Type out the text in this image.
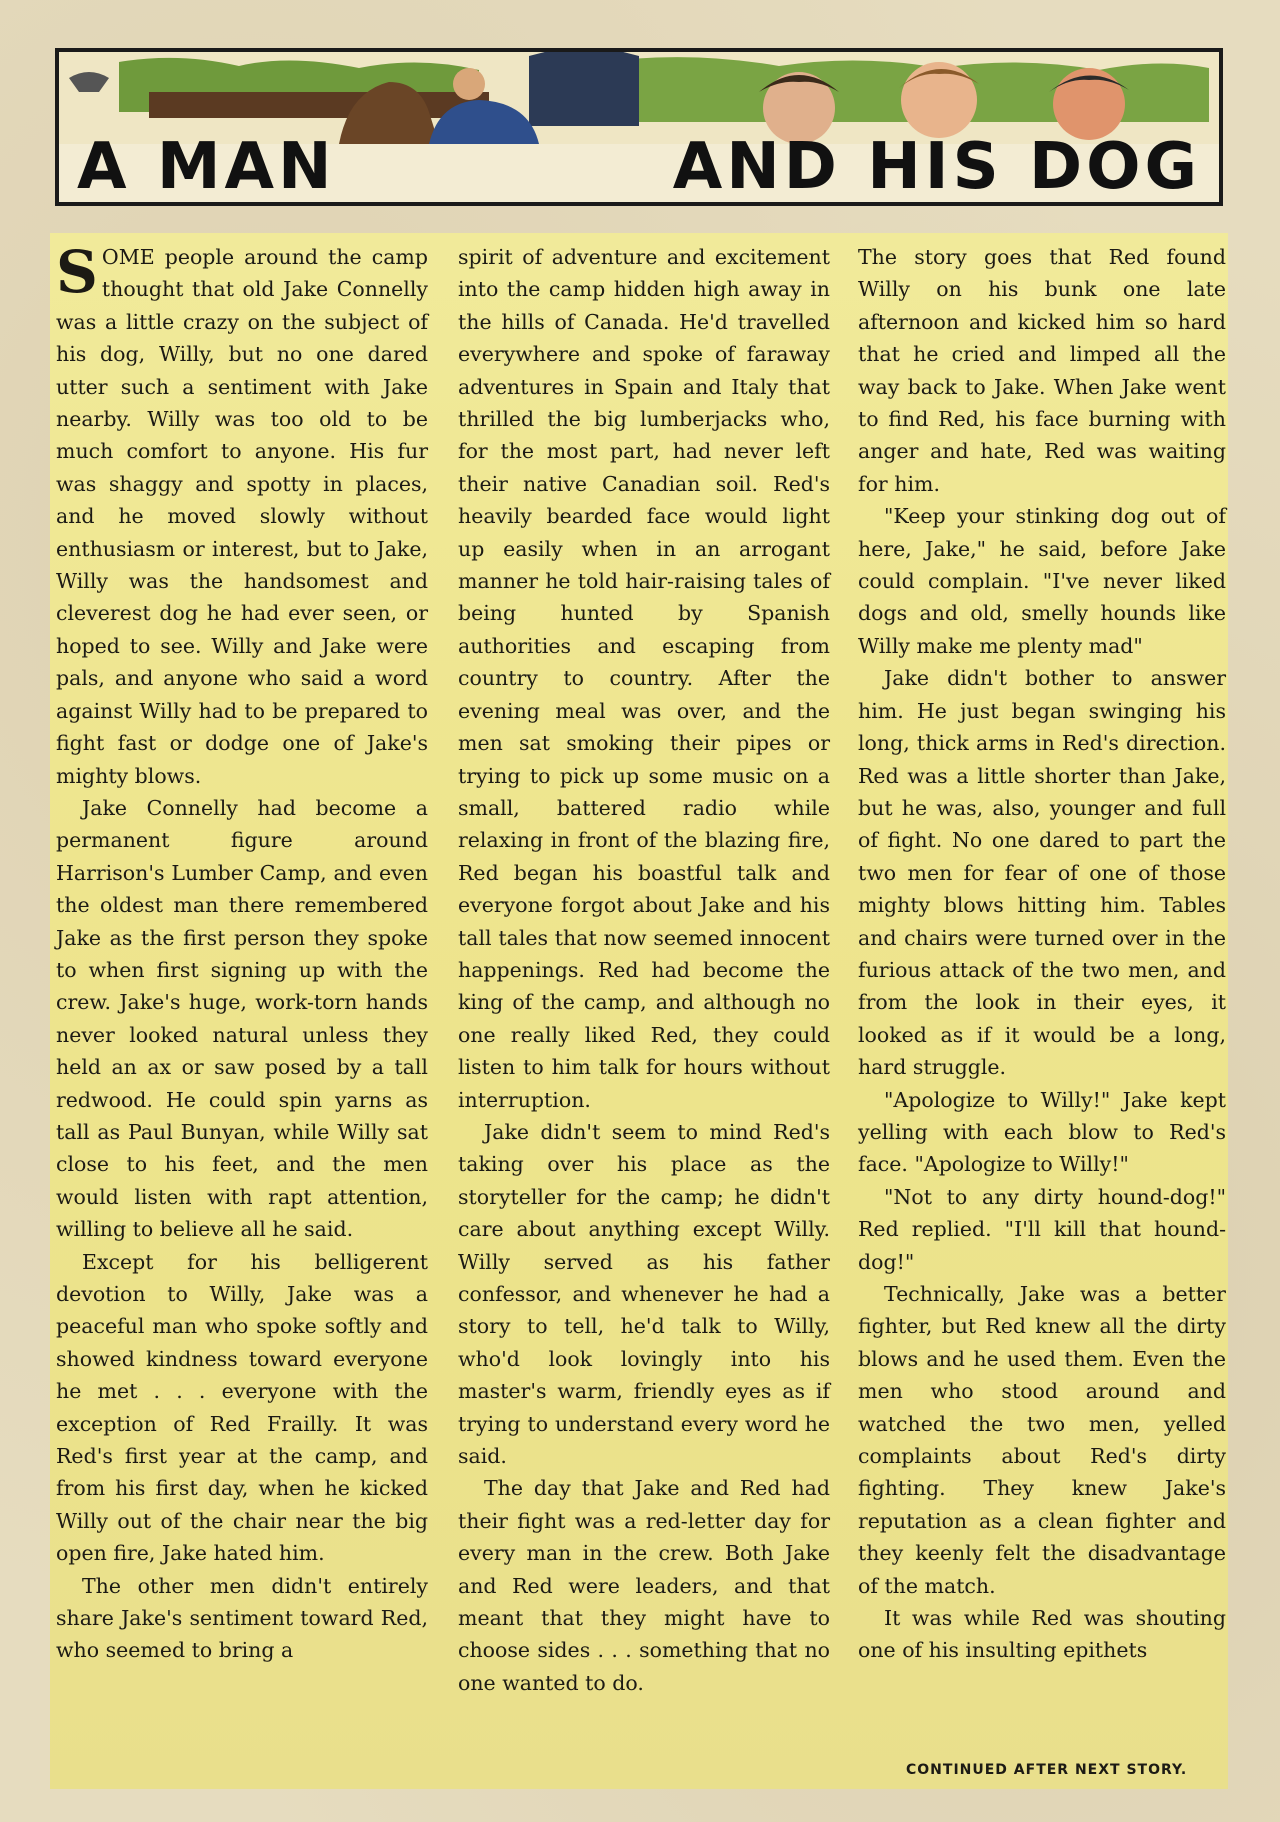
A MAN	AND HIS DOG

SOME people around the camp thought that old Jake Connelly was a little crazy on the subject of his dog, Willy, but no one dared utter such a sentiment with Jake nearby. Willy was too old to be much comfort to anyone. His fur was shaggy and spotty in places, and he moved slowly without enthusiasm or interest, but to Jake, Willy was the handsomest and cleverest dog he had ever seen, or hoped to see. Willy and Jake were pals, and anyone who said a word against Willy had to be prepared to fight fast or dodge one of Jake's mighty blows.

Jake Connelly had become a permanent figure around Harrison's Lumber Camp, and even the oldest man there remembered Jake as the first person they spoke to when first signing up with the crew. Jake's huge, work-torn hands never looked natural unless they held an ax or saw posed by a tall redwood. He could spin yarns as tall as Paul Bunyan, while Willy sat close to his feet, and the men would listen with rapt attention, willing to believe all he said.

Except for his belligerent devotion to Willy, Jake was a peaceful man who spoke softly and showed kindness toward everyone he met . . . everyone with the exception of Red Frailly. It was Red's first year at the camp, and from his first day, when he kicked Willy out of the chair near the big open fire, Jake hated him.

The other men didn't entirely share Jake's sentiment toward Red, who seemed to bring a

spirit of adventure and excitement into the camp hidden high away in the hills of Canada. He'd travelled everywhere and spoke of faraway adventures in Spain and Italy that thrilled the big lumberjacks who, for the most part, had never left their native Canadian soil. Red's heavily bearded face would light up easily when in an arrogant manner he told hair-raising tales of being hunted by Spanish authorities and escaping from country to country. After the evening meal was over, and the men sat smoking their pipes or trying to pick up some music on a small, battered radio while relaxing in front of the blazing fire, Red began his boastful talk and everyone forgot about Jake and his tall tales that now seemed innocent happenings. Red had become the king of the camp, and although no one really liked Red, they could listen to him talk for hours without interruption.

Jake didn't seem to mind Red's taking over his place as the storyteller for the camp; he didn't care about anything except Willy. Willy served as his father confessor, and whenever he had a story to tell, he'd talk to Willy, who'd look lovingly into his master's warm, friendly eyes as if trying to understand every word he said.

The day that Jake and Red had their fight was a red-letter day for every man in the crew. Both Jake and Red were leaders, and that meant that they might have to choose sides . . . something that no one wanted to do.

The story goes that Red found Willy on his bunk one late afternoon and kicked him so hard that he cried and limped all the way back to Jake. When Jake went to find Red, his face burning with anger and hate, Red was waiting for him.

"Keep your stinking dog out of here, Jake," he said, before Jake could complain. "I've never liked dogs and old, smelly hounds like Willy make me plenty mad"

Jake didn't bother to answer him. He just began swinging his long, thick arms in Red's direction. Red was a little shorter than Jake, but he was, also, younger and full of fight. No one dared to part the two men for fear of one of those mighty blows hitting him. Tables and chairs were turned over in the furious attack of the two men, and from the look in their eyes, it looked as if it would be a long, hard struggle.

"Apologize to Willy!" Jake kept yelling with each blow to Red's face. "Apologize to Willy!"

"Not to any dirty hound-dog!" Red replied. "I'll kill that hound-dog!"

Technically, Jake was a better fighter, but Red knew all the dirty blows and he used them. Even the men who stood around and watched the two men, yelled complaints about Red's dirty fighting. They knew Jake's reputation as a clean fighter and they keenly felt the disadvantage of the match.

It was while Red was shouting one of his insulting epithets

CONTINUED AFTER NEXT STORY.
